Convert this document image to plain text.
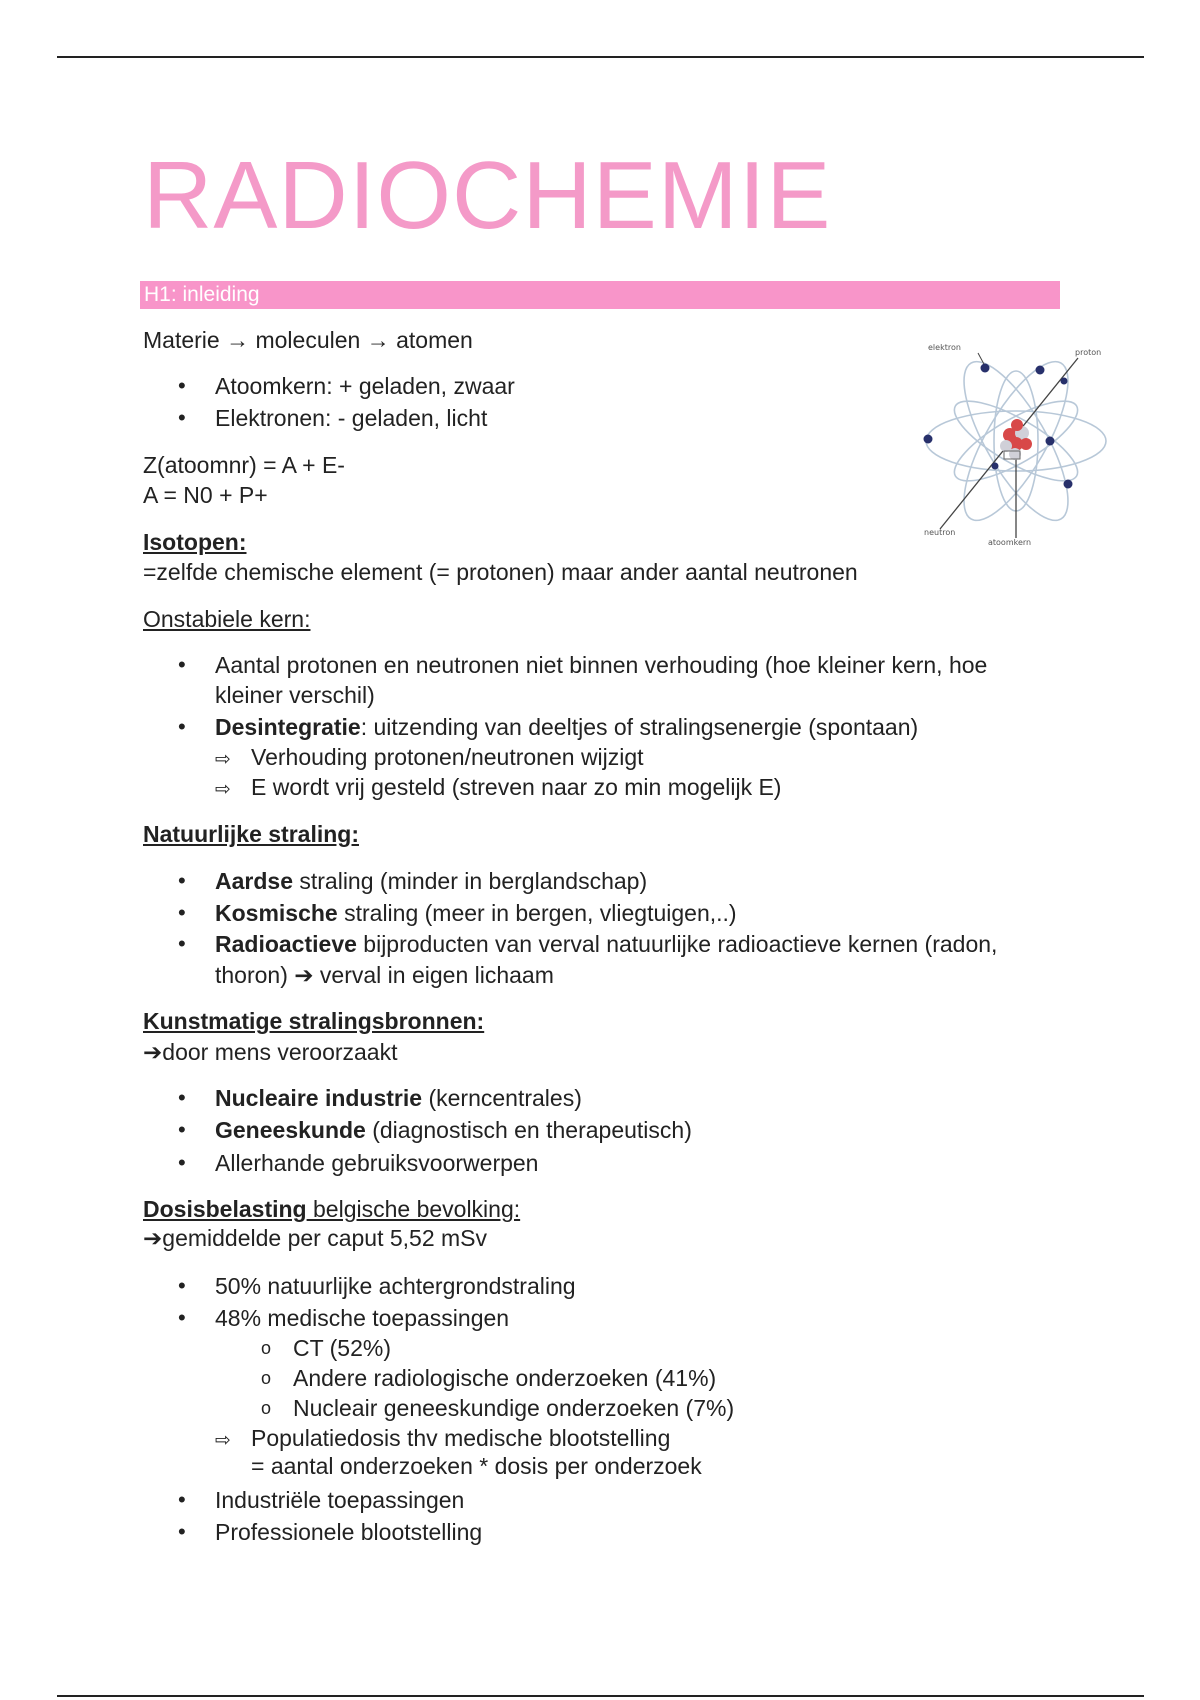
RADIOCHEMIE
H1: inleiding
Materie → moleculen → atomen
• Atoomkern: + geladen, zwaar
• Elektronen: - geladen, licht
Z(atoomnr) = A + E-
A = N0 + P+
elektron
proton
neutron
atoomkern
Isotopen:
=zelfde chemische element (= protonen) maar ander aantal neutronen
Onstabiele kern:
• Aantal protonen en neutronen niet binnen verhouding (hoe kleiner kern, hoe
kleiner verschil)
• Desintegratie: uitzending van deeltjes of stralingsenergie (spontaan)
⇨ Verhouding protonen/neutronen wijzigt
⇨ E wordt vrij gesteld (streven naar zo min mogelijk E)
Natuurlijke straling:
• Aardse straling (minder in berglandschap)
• Kosmische straling (meer in bergen, vliegtuigen,..)
• Radioactieve bijproducten van verval natuurlijke radioactieve kernen (radon,
thoron) ➔ verval in eigen lichaam
Kunstmatige stralingsbronnen:
➔door mens veroorzaakt
• Nucleaire industrie (kerncentrales)
• Geneeskunde (diagnostisch en therapeutisch)
• Allerhande gebruiksvoorwerpen
Dosisbelasting belgische bevolking:
➔gemiddelde per caput 5,52 mSv
• 50% natuurlijke achtergrondstraling
• 48% medische toepassingen
o CT (52%)
o Andere radiologische onderzoeken (41%)
o Nucleair geneeskundige onderzoeken (7%)
⇨ Populatiedosis thv medische blootstelling
= aantal onderzoeken * dosis per onderzoek
• Industriële toepassingen
• Professionele blootstelling
